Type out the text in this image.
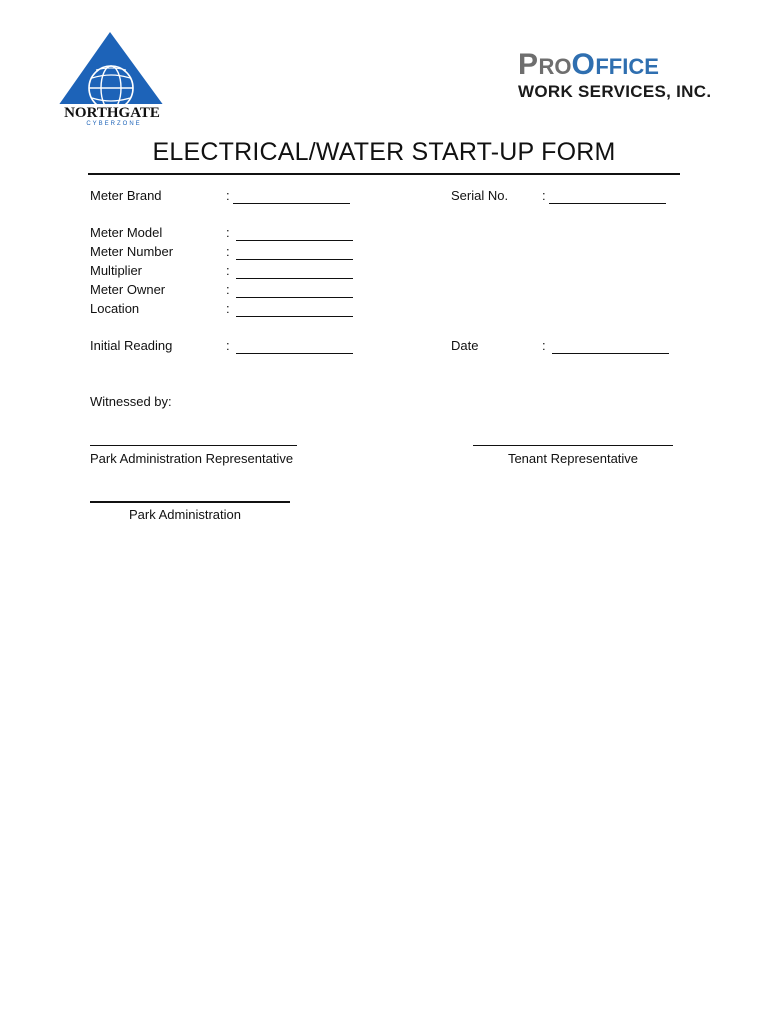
NORTHGATE
CYBERZONE
PROOFFICE
WORK SERVICES, INC.
ELECTRICAL/WATER START-UP FORM
Meter Brand	:	Serial No.	:
Meter Model	:
Meter Number	:
Multiplier	:
Meter Owner	:
Location	:
Initial Reading	:	Date	:
Witnessed by:
Park Administration Representative	Tenant Representative
Park Administration
